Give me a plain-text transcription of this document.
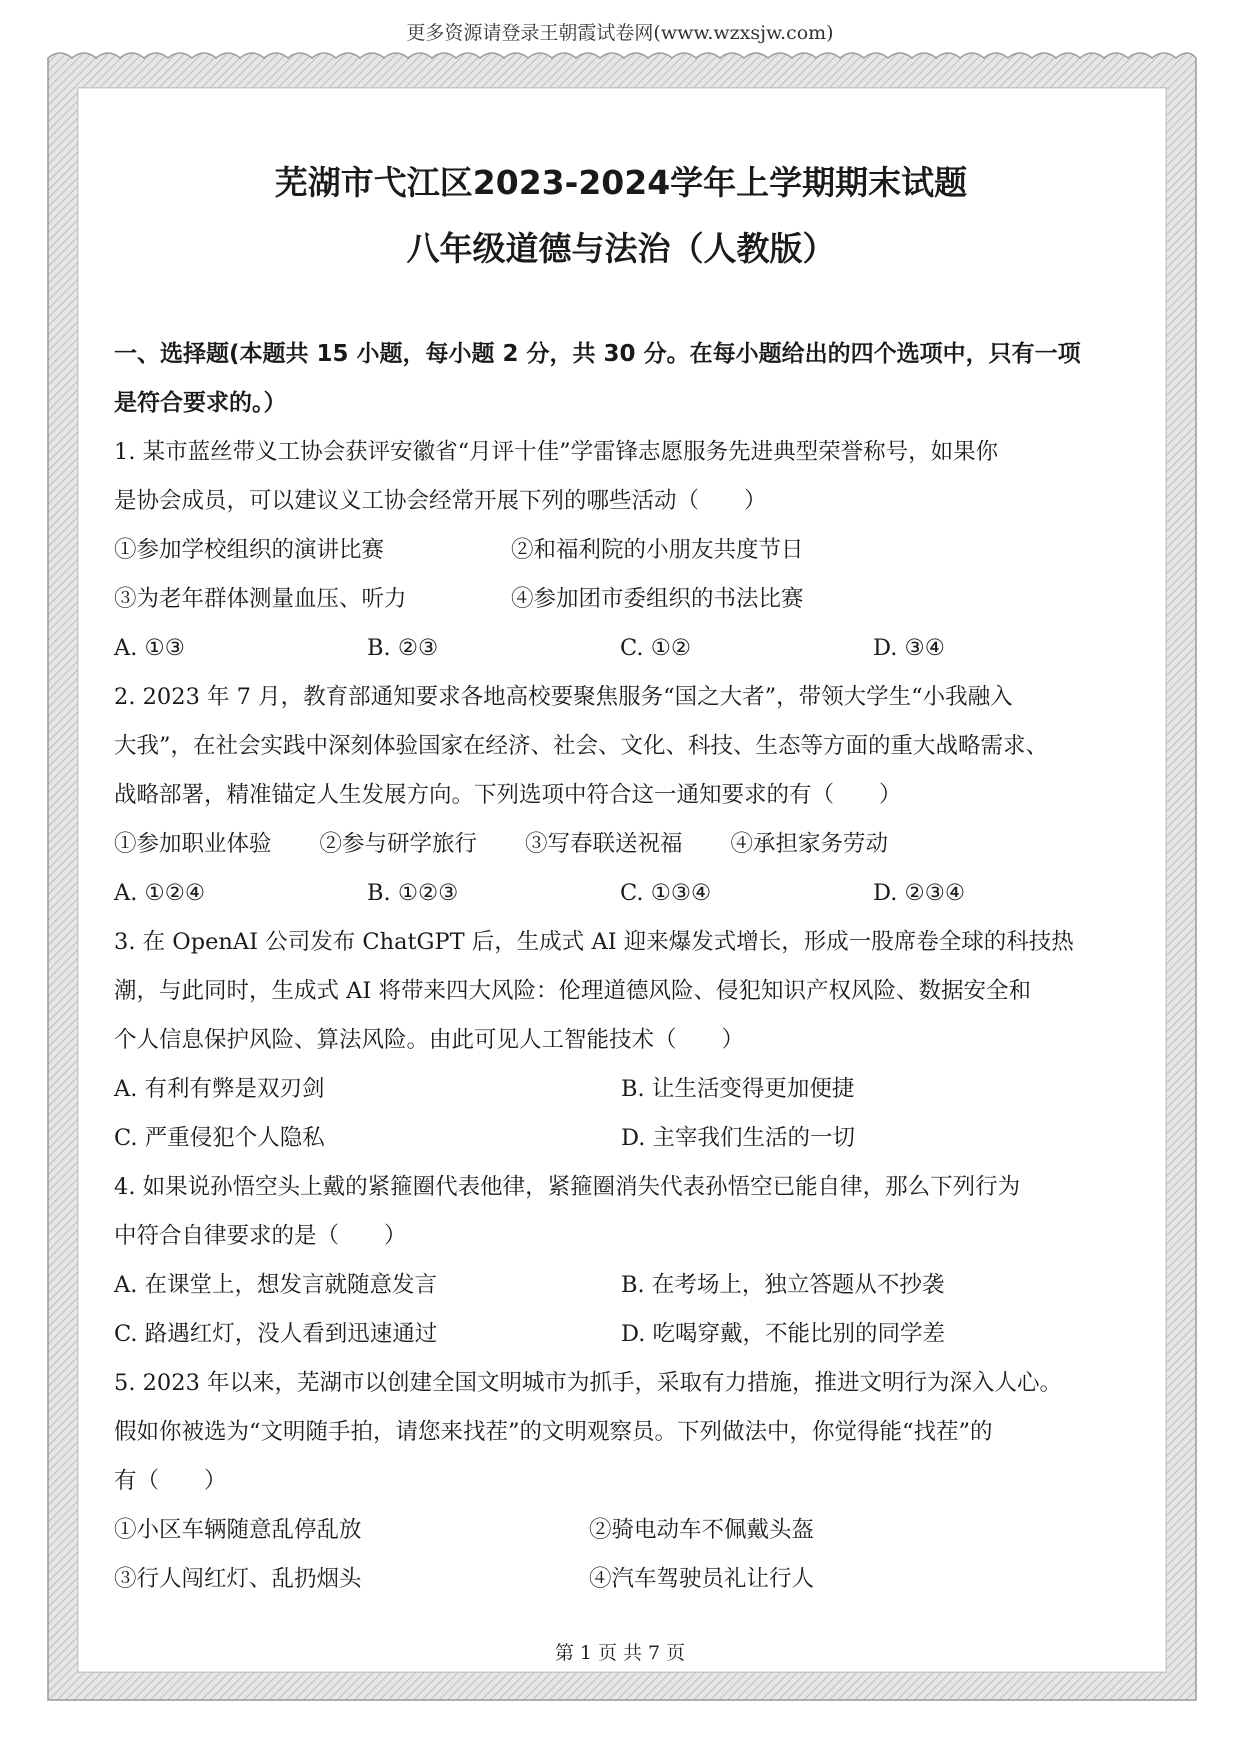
更多资源请登录王朝霞试卷网(www.wzxsjw.com)
芜湖市弋江区2023-2024学年上学期期末试题
八年级道德与法治（人教版）
一、选择题(本题共 15 小题，每小题 2 分，共 30 分。在每小题给出的四个选项中，只有一项
是符合要求的。）
1. 某市蓝丝带义工协会获评安徽省“月评十佳”学雷锋志愿服务先进典型荣誉称号，如果你
是协会成员，可以建议义工协会经常开展下列的哪些活动（　　）
①参加学校组织的演讲比赛	②和福利院的小朋友共度节日
③为老年群体测量血压、听力	④参加团市委组织的书法比赛
A. ①③	B. ②③	C. ①②	D. ③④
2. 2023 年 7 月，教育部通知要求各地高校要聚焦服务“国之大者”，带领大学生“小我融入
大我”，在社会实践中深刻体验国家在经济、社会、文化、科技、生态等方面的重大战略需求、
战略部署，精准锚定人生发展方向。下列选项中符合这一通知要求的有（　　）
①参加职业体验 ②参与研学旅行 ③写春联送祝福 ④承担家务劳动
A. ①②④	B. ①②③	C. ①③④	D. ②③④
3. 在 OpenAI 公司发布 ChatGPT 后，生成式 AI 迎来爆发式增长，形成一股席卷全球的科技热
潮，与此同时，生成式 AI 将带来四大风险：伦理道德风险、侵犯知识产权风险、数据安全和
个人信息保护风险、算法风险。由此可见人工智能技术（　　）
A. 有利有弊是双刃剑	B. 让生活变得更加便捷
C. 严重侵犯个人隐私	D. 主宰我们生活的一切
4. 如果说孙悟空头上戴的紧箍圈代表他律，紧箍圈消失代表孙悟空已能自律，那么下列行为
中符合自律要求的是（　　）
A. 在课堂上，想发言就随意发言	B. 在考场上，独立答题从不抄袭
C. 路遇红灯，没人看到迅速通过	D. 吃喝穿戴，不能比别的同学差
5. 2023 年以来，芜湖市以创建全国文明城市为抓手，采取有力措施，推进文明行为深入人心。
假如你被选为“文明随手拍，请您来找茬”的文明观察员。下列做法中，你觉得能“找茬”的
有（　　）
①小区车辆随意乱停乱放	②骑电动车不佩戴头盔
③行人闯红灯、乱扔烟头	④汽车驾驶员礼让行人
第 1 页 共 7 页
